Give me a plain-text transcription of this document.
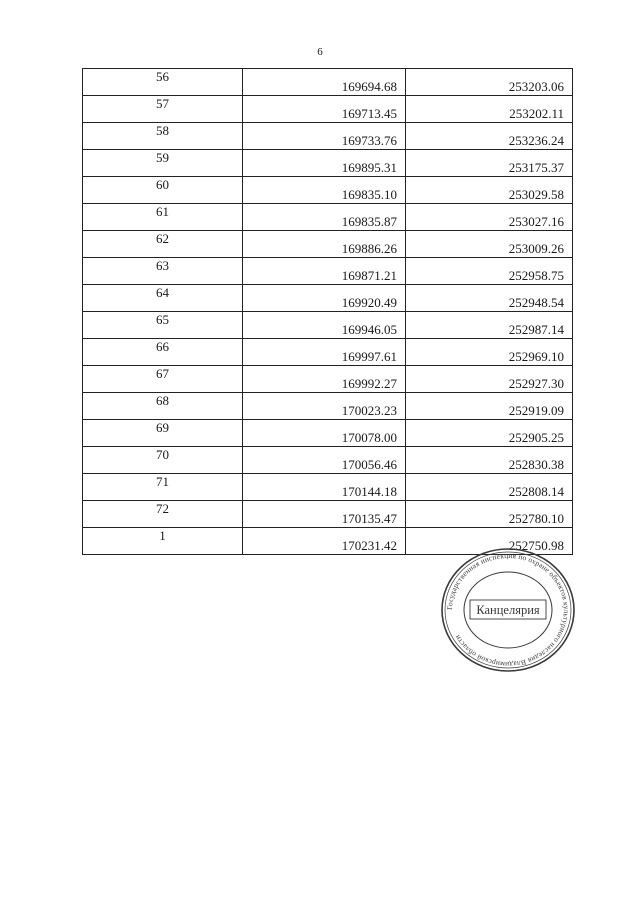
6
56	169694.68	253203.06
57	169713.45	253202.11
58	169733.76	253236.24
59	169895.31	253175.37
60	169835.10	253029.58
61	169835.87	253027.16
62	169886.26	253009.26
63	169871.21	252958.75
64	169920.49	252948.54
65	169946.05	252987.14
66	169997.61	252969.10
67	169992.27	252927.30
68	170023.23	252919.09
69	170078.00	252905.25
70	170056.46	252830.38
71	170144.18	252808.14
72	170135.47	252780.10
1	170231.42	252750.98
Государственная инспекция по охране объектов культурного наследия Владимирской области
Канцелярия
